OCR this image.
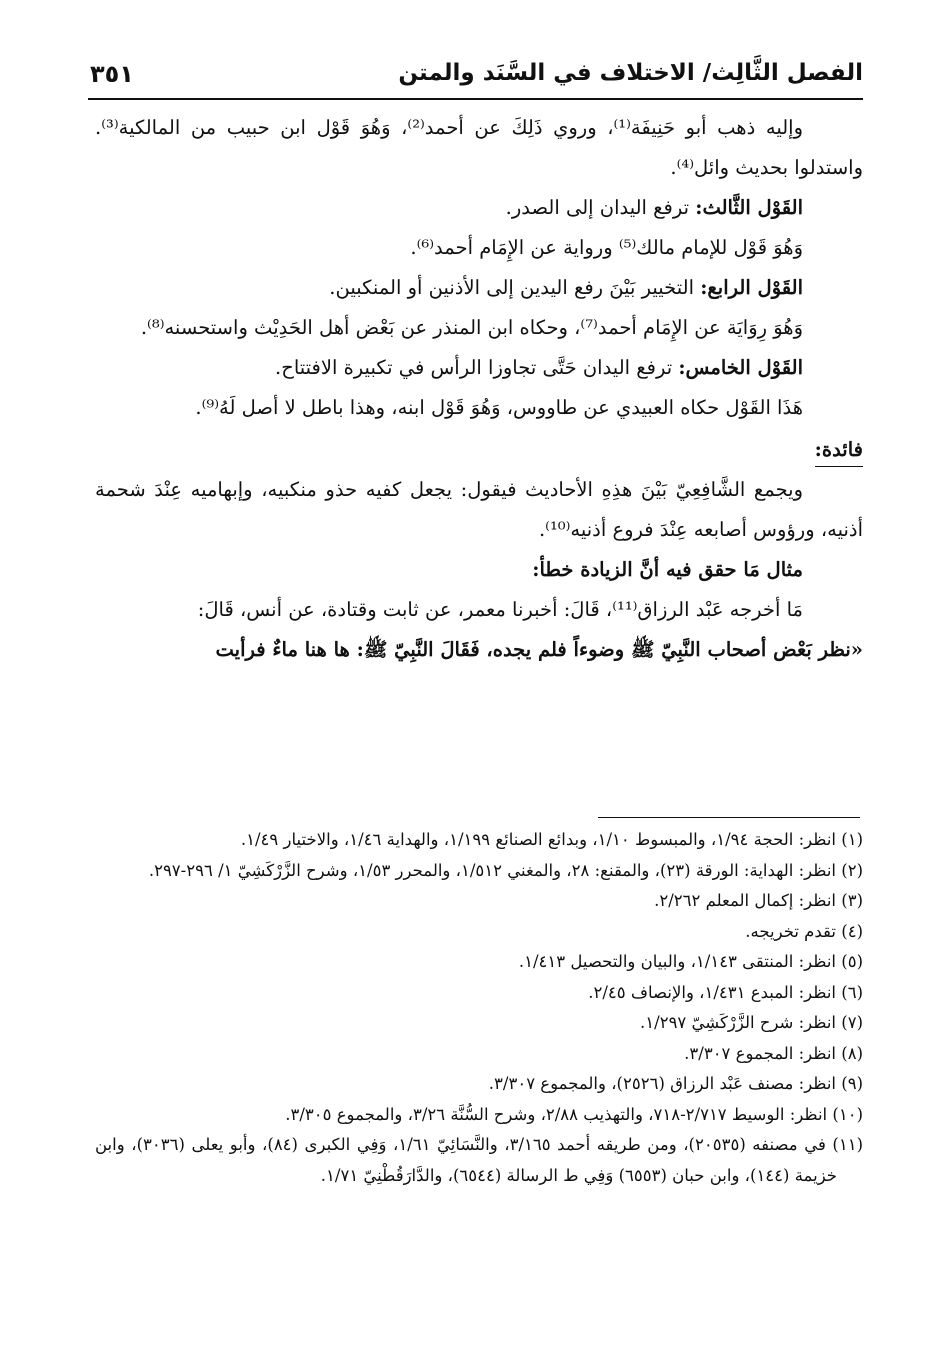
الفصل الثَّالِث/ الاختلاف في السَّنَد والمتن
٣٥١

وإليه ذهب أبو حَنِيفَة⁽¹⁾، وروي ذَلِكَ عن أحمد⁽²⁾، وَهُوَ قَوْل ابن حبيب من المالكية⁽³⁾. واستدلوا بحديث وائل⁽⁴⁾.

القَوْل الثَّالث: ترفع اليدان إلى الصدر.

وَهُوَ قَوْل للإمام مالك⁽⁵⁾ ورواية عن الإِمَام أحمد⁽⁶⁾.

القَوْل الرابع: التخيير بَيْنَ رفع اليدين إلى الأذنين أو المنكبين.

وَهُوَ رِوَايَة عن الإِمَام أحمد⁽⁷⁾، وحكاه ابن المنذر عن بَعْض أهل الحَدِيْث واستحسنه⁽⁸⁾.

القَوْل الخامس: ترفع اليدان حَتَّى تجاوزا الرأس في تكبيرة الافتتاح.

هَذَا القَوْل حكاه العبيدي عن طاووس، وَهُوَ قَوْل ابنه، وهذا باطل لا أصل لَهُ⁽⁹⁾.

فائدة:

ويجمع الشَّافِعِيّ بَيْنَ هذِهِ الأحاديث فيقول: يجعل كفيه حذو منكبيه، وإبهاميه عِنْدَ شحمة أذنيه، ورؤوس أصابعه عِنْدَ فروع أذنيه⁽¹⁰⁾.

مثال مَا حقق فيه أنَّ الزيادة خطأ:

مَا أخرجه عَبْد الرزاق⁽¹¹⁾، قَالَ: أخبرنا معمر، عن ثابت وقتادة، عن أنس، قَالَ:

«نظر بَعْض أصحاب النَّبِيّ ﷺ وضوءاً فلم يجده، فَقَالَ النَّبِيّ ﷺ: ها هنا ماءٌ فرأيت

(١) انظر: الحجة ١/٩٤، والمبسوط ١/١٠، وبدائع الصنائع ١/١٩٩، والهداية ١/٤٦، والاختيار ١/٤٩.

(٢) انظر: الهداية: الورقة (٢٣)، والمقنع: ٢٨، والمغني ١/٥١٢، والمحرر ١/٥٣، وشرح الزَّرْكَشِيّ ١/ ٢٩٦-٢٩٧.

(٣) انظر: إكمال المعلم ٢/٢٦٢.

(٤) تقدم تخريجه.

(٥) انظر: المنتقى ١/١٤٣، والبيان والتحصيل ١/٤١٣.

(٦) انظر: المبدع ١/٤٣١، والإنصاف ٢/٤٥.

(٧) انظر: شرح الزَّرْكَشِيّ ١/٢٩٧.

(٨) انظر: المجموع ٣/٣٠٧.

(٩) انظر: مصنف عَبْد الرزاق (٢٥٢٦)، والمجموع ٣/٣٠٧.

(١٠) انظر: الوسيط ٢/٧١٧-٧١٨، والتهذيب ٢/٨٨، وشرح السُّنَّة ٣/٢٦، والمجموع ٣/٣٠٥.

(١١) في مصنفه (٢٠٥٣٥)، ومن طريقه أحمد ٣/١٦٥، والنَّسَائِيّ ١/٦١، وَفِي الكبرى (٨٤)، وأبو يعلى (٣٠٣٦)، وابن خزيمة (١٤٤)، وابن حبان (٦٥٥٣) وَفِي ط الرسالة (٦٥٤٤)، والدَّارَقُطْنِيّ ١/٧١.
